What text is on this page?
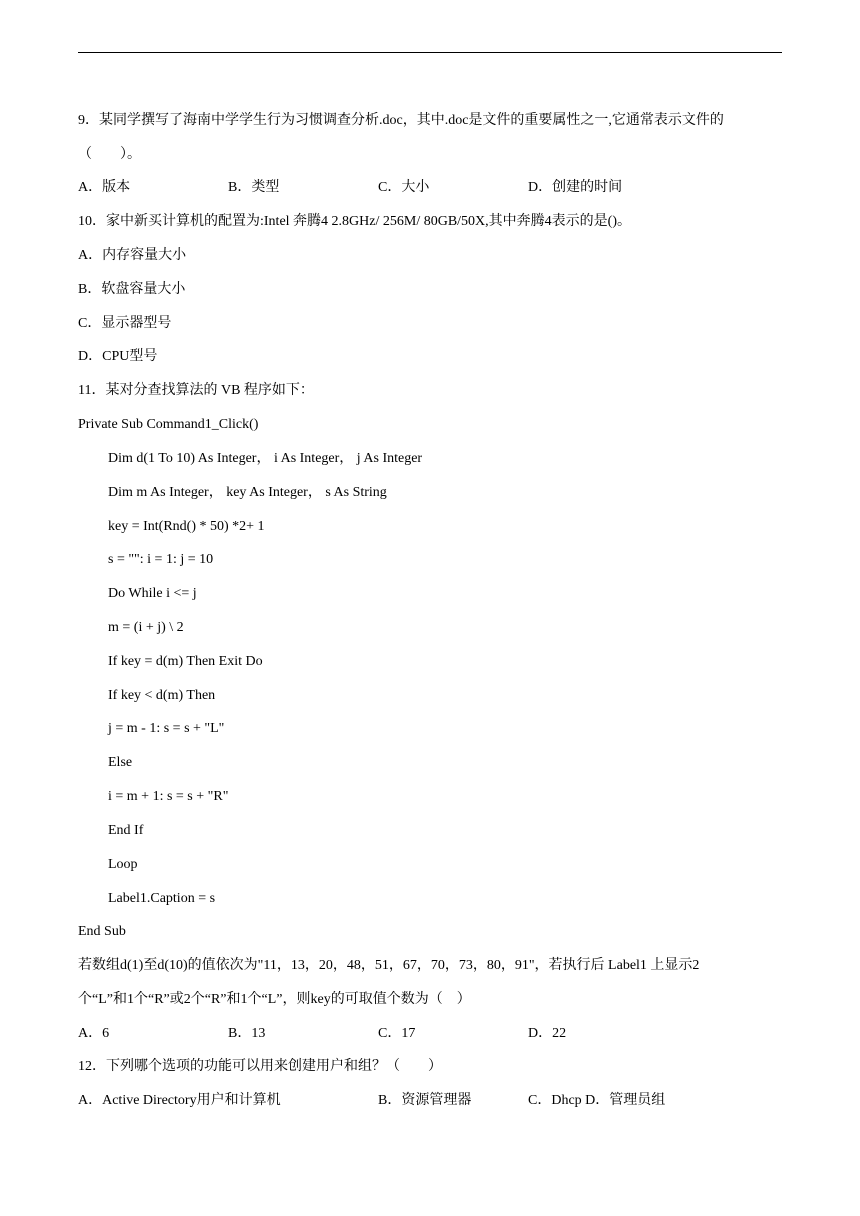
9．某同学撰写了海南中学学生行为习惯调查分析.doc，其中.doc是文件的重要属性之一,它通常表示文件的
（　　）。
A．版本	B．类型	C．大小	D．创建的时间
10．家中新买计算机的配置为:Intel 奔腾4 2.8GHz/ 256M/ 80GB/50X,其中奔腾4表示的是()。
A．内存容量大小
B．软盘容量大小
C．显示器型号
D．CPU型号
11．某对分查找算法的 VB 程序如下：
Private Sub Command1_Click()
Dim d(1 To 10) As Integer， i As Integer， j As Integer
Dim m As Integer， key As Integer， s As String
key = Int(Rnd() * 50) *2+ 1
s = "": i = 1: j = 10
Do While i <= j
m = (i + j) \ 2
If key = d(m) Then Exit Do
If key < d(m) Then
j = m - 1: s = s + "L"
Else
i = m + 1: s = s + "R"
End If
Loop
Label1.Caption = s
End Sub
若数组d(1)至d(10)的值依次为"11，13，20，48，51，67，70，73，80，91"，若执行后 Label1 上显示2
个“L”和1个“R”或2个“R”和1个“L”，则key的可取值个数为（　）
A．6	B．13	C．17	D．22
12．下列哪个选项的功能可以用来创建用户和组？（　　）
A．Active Directory用户和计算机	B．资源管理器	C．Dhcp D．管理员组
